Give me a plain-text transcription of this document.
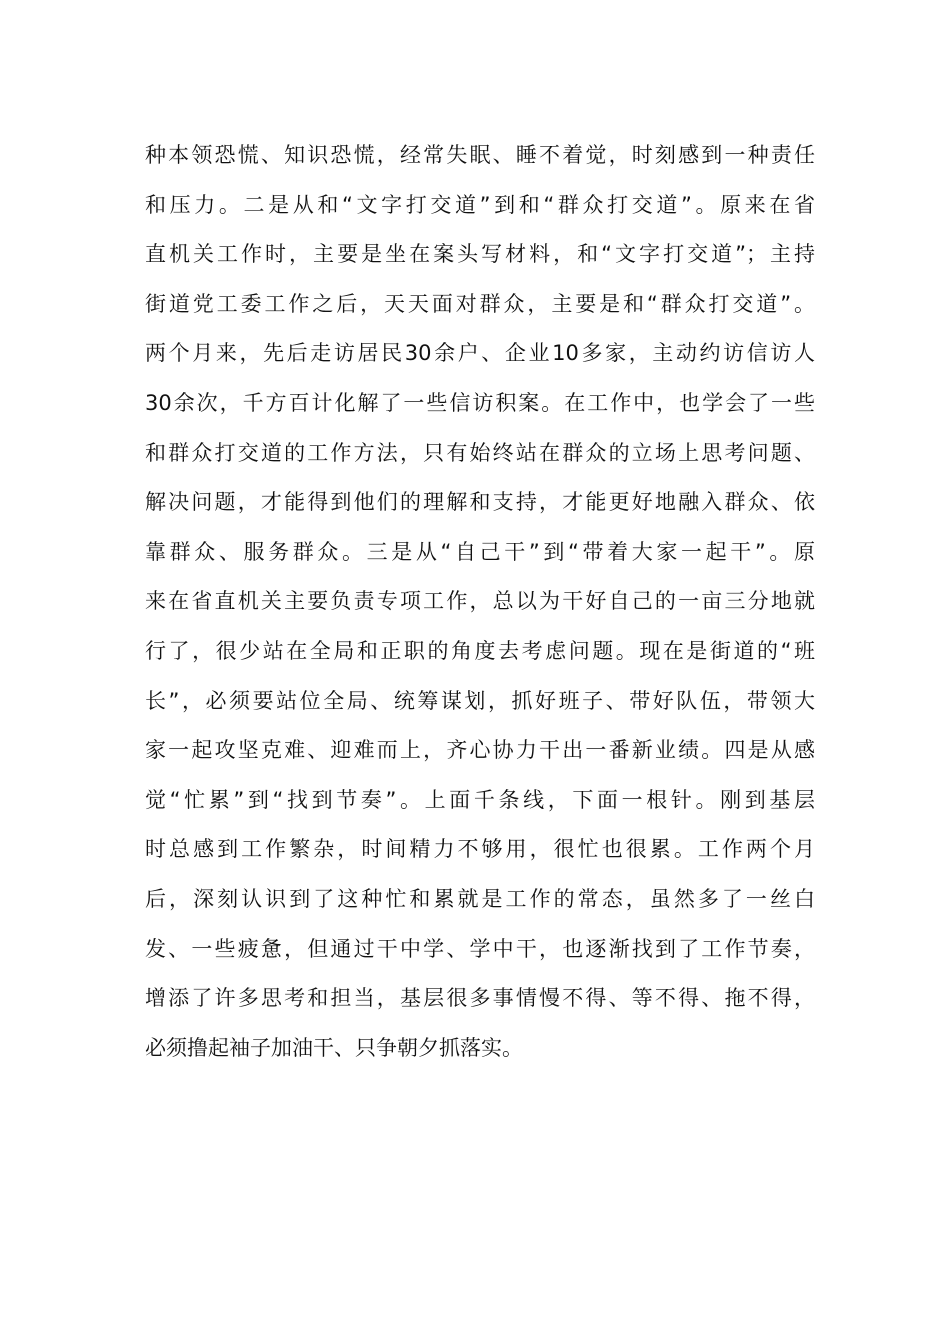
种本领恐慌、知识恐慌，经常失眠、睡不着觉，时刻感到一种责任
和压力。二是从和“文字打交道”到和“群众打交道”。原来在省
直机关工作时，主要是坐在案头写材料，和“文字打交道”；主持
街道党工委工作之后，天天面对群众，主要是和“群众打交道”。
两个月来，先后走访居民30余户、企业10多家，主动约访信访人
30余次，千方百计化解了一些信访积案。在工作中，也学会了一些
和群众打交道的工作方法，只有始终站在群众的立场上思考问题、
解决问题，才能得到他们的理解和支持，才能更好地融入群众、依
靠群众、服务群众。三是从“自己干”到“带着大家一起干”。原
来在省直机关主要负责专项工作，总以为干好自己的一亩三分地就
行了，很少站在全局和正职的角度去考虑问题。现在是街道的“班
长”，必须要站位全局、统筹谋划，抓好班子、带好队伍，带领大
家一起攻坚克难、迎难而上，齐心协力干出一番新业绩。四是从感
觉“忙累”到“找到节奏”。上面千条线，下面一根针。刚到基层
时总感到工作繁杂，时间精力不够用，很忙也很累。工作两个月
后，深刻认识到了这种忙和累就是工作的常态，虽然多了一丝白
发、一些疲惫，但通过干中学、学中干，也逐渐找到了工作节奏，
增添了许多思考和担当，基层很多事情慢不得、等不得、拖不得，
必须撸起袖子加油干、只争朝夕抓落实。
